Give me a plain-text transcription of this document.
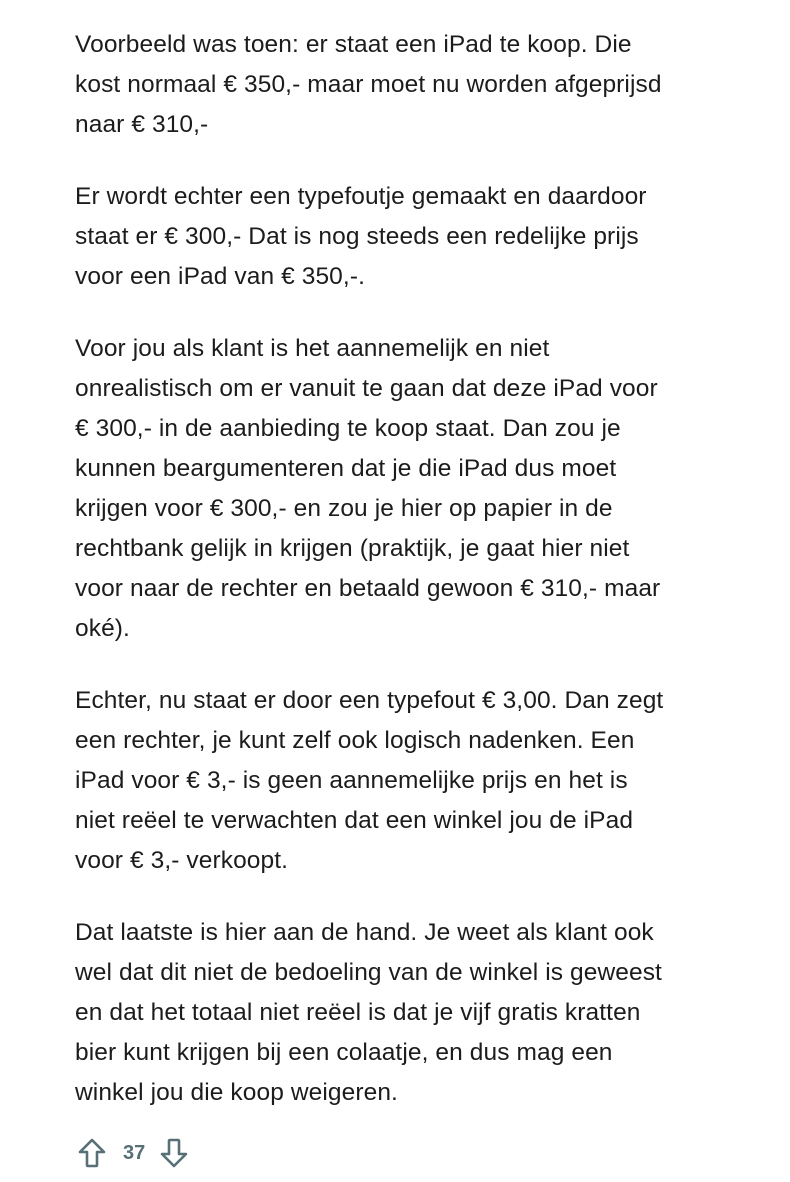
Voorbeeld was toen: er staat een iPad te koop. Die
kost normaal € 350,- maar moet nu worden afgeprijsd
naar € 310,-

Er wordt echter een typefoutje gemaakt en daardoor
staat er € 300,- Dat is nog steeds een redelijke prijs
voor een iPad van € 350,-.

Voor jou als klant is het aannemelijk en niet
onrealistisch om er vanuit te gaan dat deze iPad voor
€ 300,- in de aanbieding te koop staat. Dan zou je
kunnen beargumenteren dat je die iPad dus moet
krijgen voor € 300,- en zou je hier op papier in de
rechtbank gelijk in krijgen (praktijk, je gaat hier niet
voor naar de rechter en betaald gewoon € 310,- maar
oké).

Echter, nu staat er door een typefout € 3,00. Dan zegt
een rechter, je kunt zelf ook logisch nadenken. Een
iPad voor € 3,- is geen aannemelijke prijs en het is
niet reëel te verwachten dat een winkel jou de iPad
voor € 3,- verkoopt.

Dat laatste is hier aan de hand. Je weet als klant ook
wel dat dit niet de bedoeling van de winkel is geweest
en dat het totaal niet reëel is dat je vijf gratis kratten
bier kunt krijgen bij een colaatje, en dus mag een
winkel jou die koop weigeren.

37
